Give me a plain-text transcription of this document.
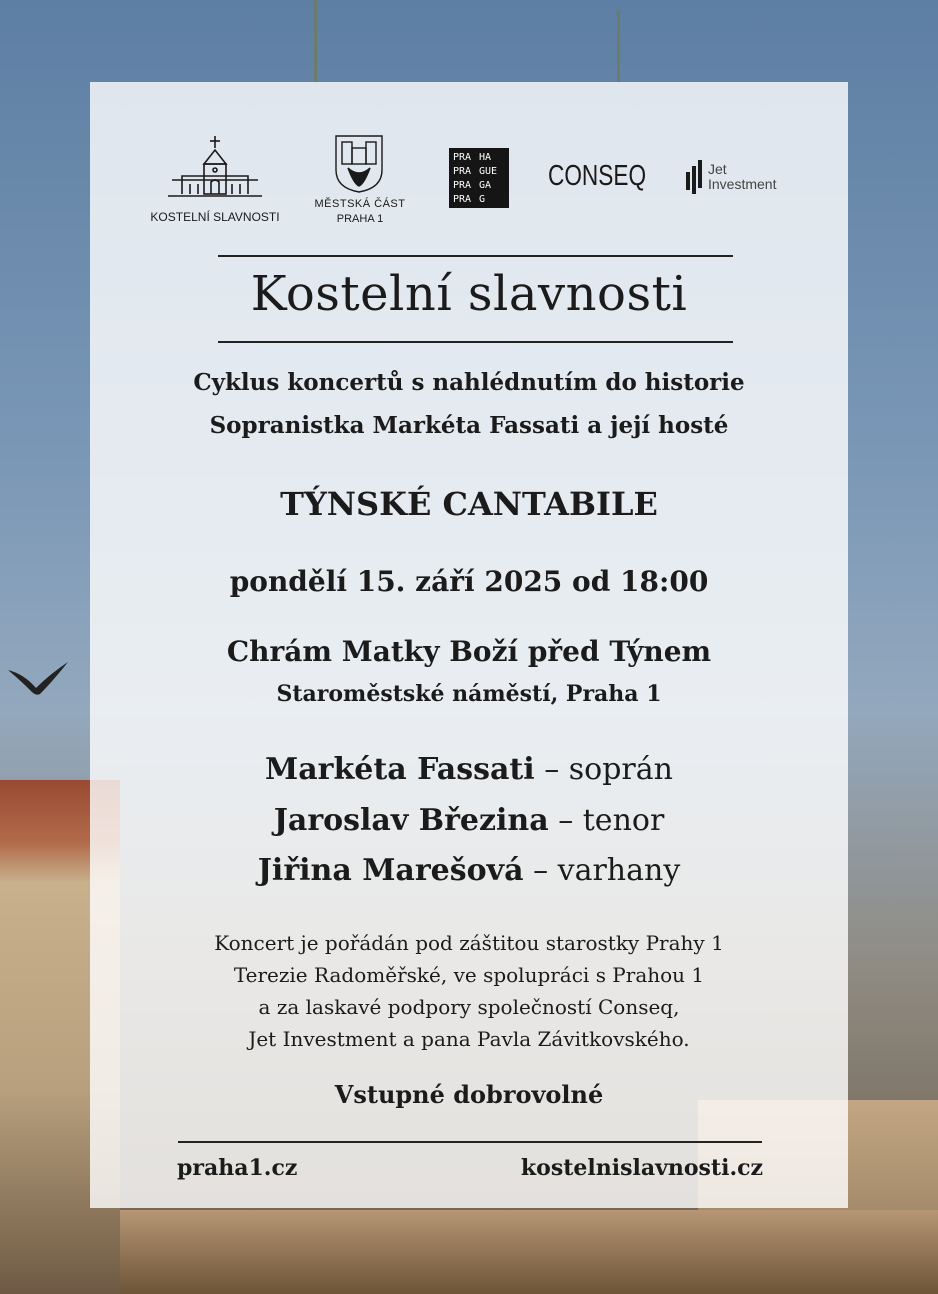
KOSTELNÍ SLAVNOSTI
MĚSTSKÁ ČÁST
PRAHA 1
PRA HA
PRA GUE
PRA GA
PRA G
CONSEQ	Jet
Investment
Kostelní slavnosti
Cyklus koncertů s nahlédnutím do historie
Sopranistka Markéta Fassati a její hosté
TÝNSKÉ CANTABILE
pondělí 15. září 2025 od 18:00
Chrám Matky Boží před Týnem
Staroměstské náměstí, Praha 1
Markéta Fassati – soprán
Jaroslav Březina – tenor
Jiřina Marešová – varhany
Koncert je pořádán pod záštitou starostky Prahy 1
Terezie Radoměřské, ve spolupráci s Prahou 1
a za laskavé podpory společností Conseq,
Jet Investment a pana Pavla Závitkovského.
Vstupné dobrovolné
praha1.cz	kostelnislavnosti.cz
